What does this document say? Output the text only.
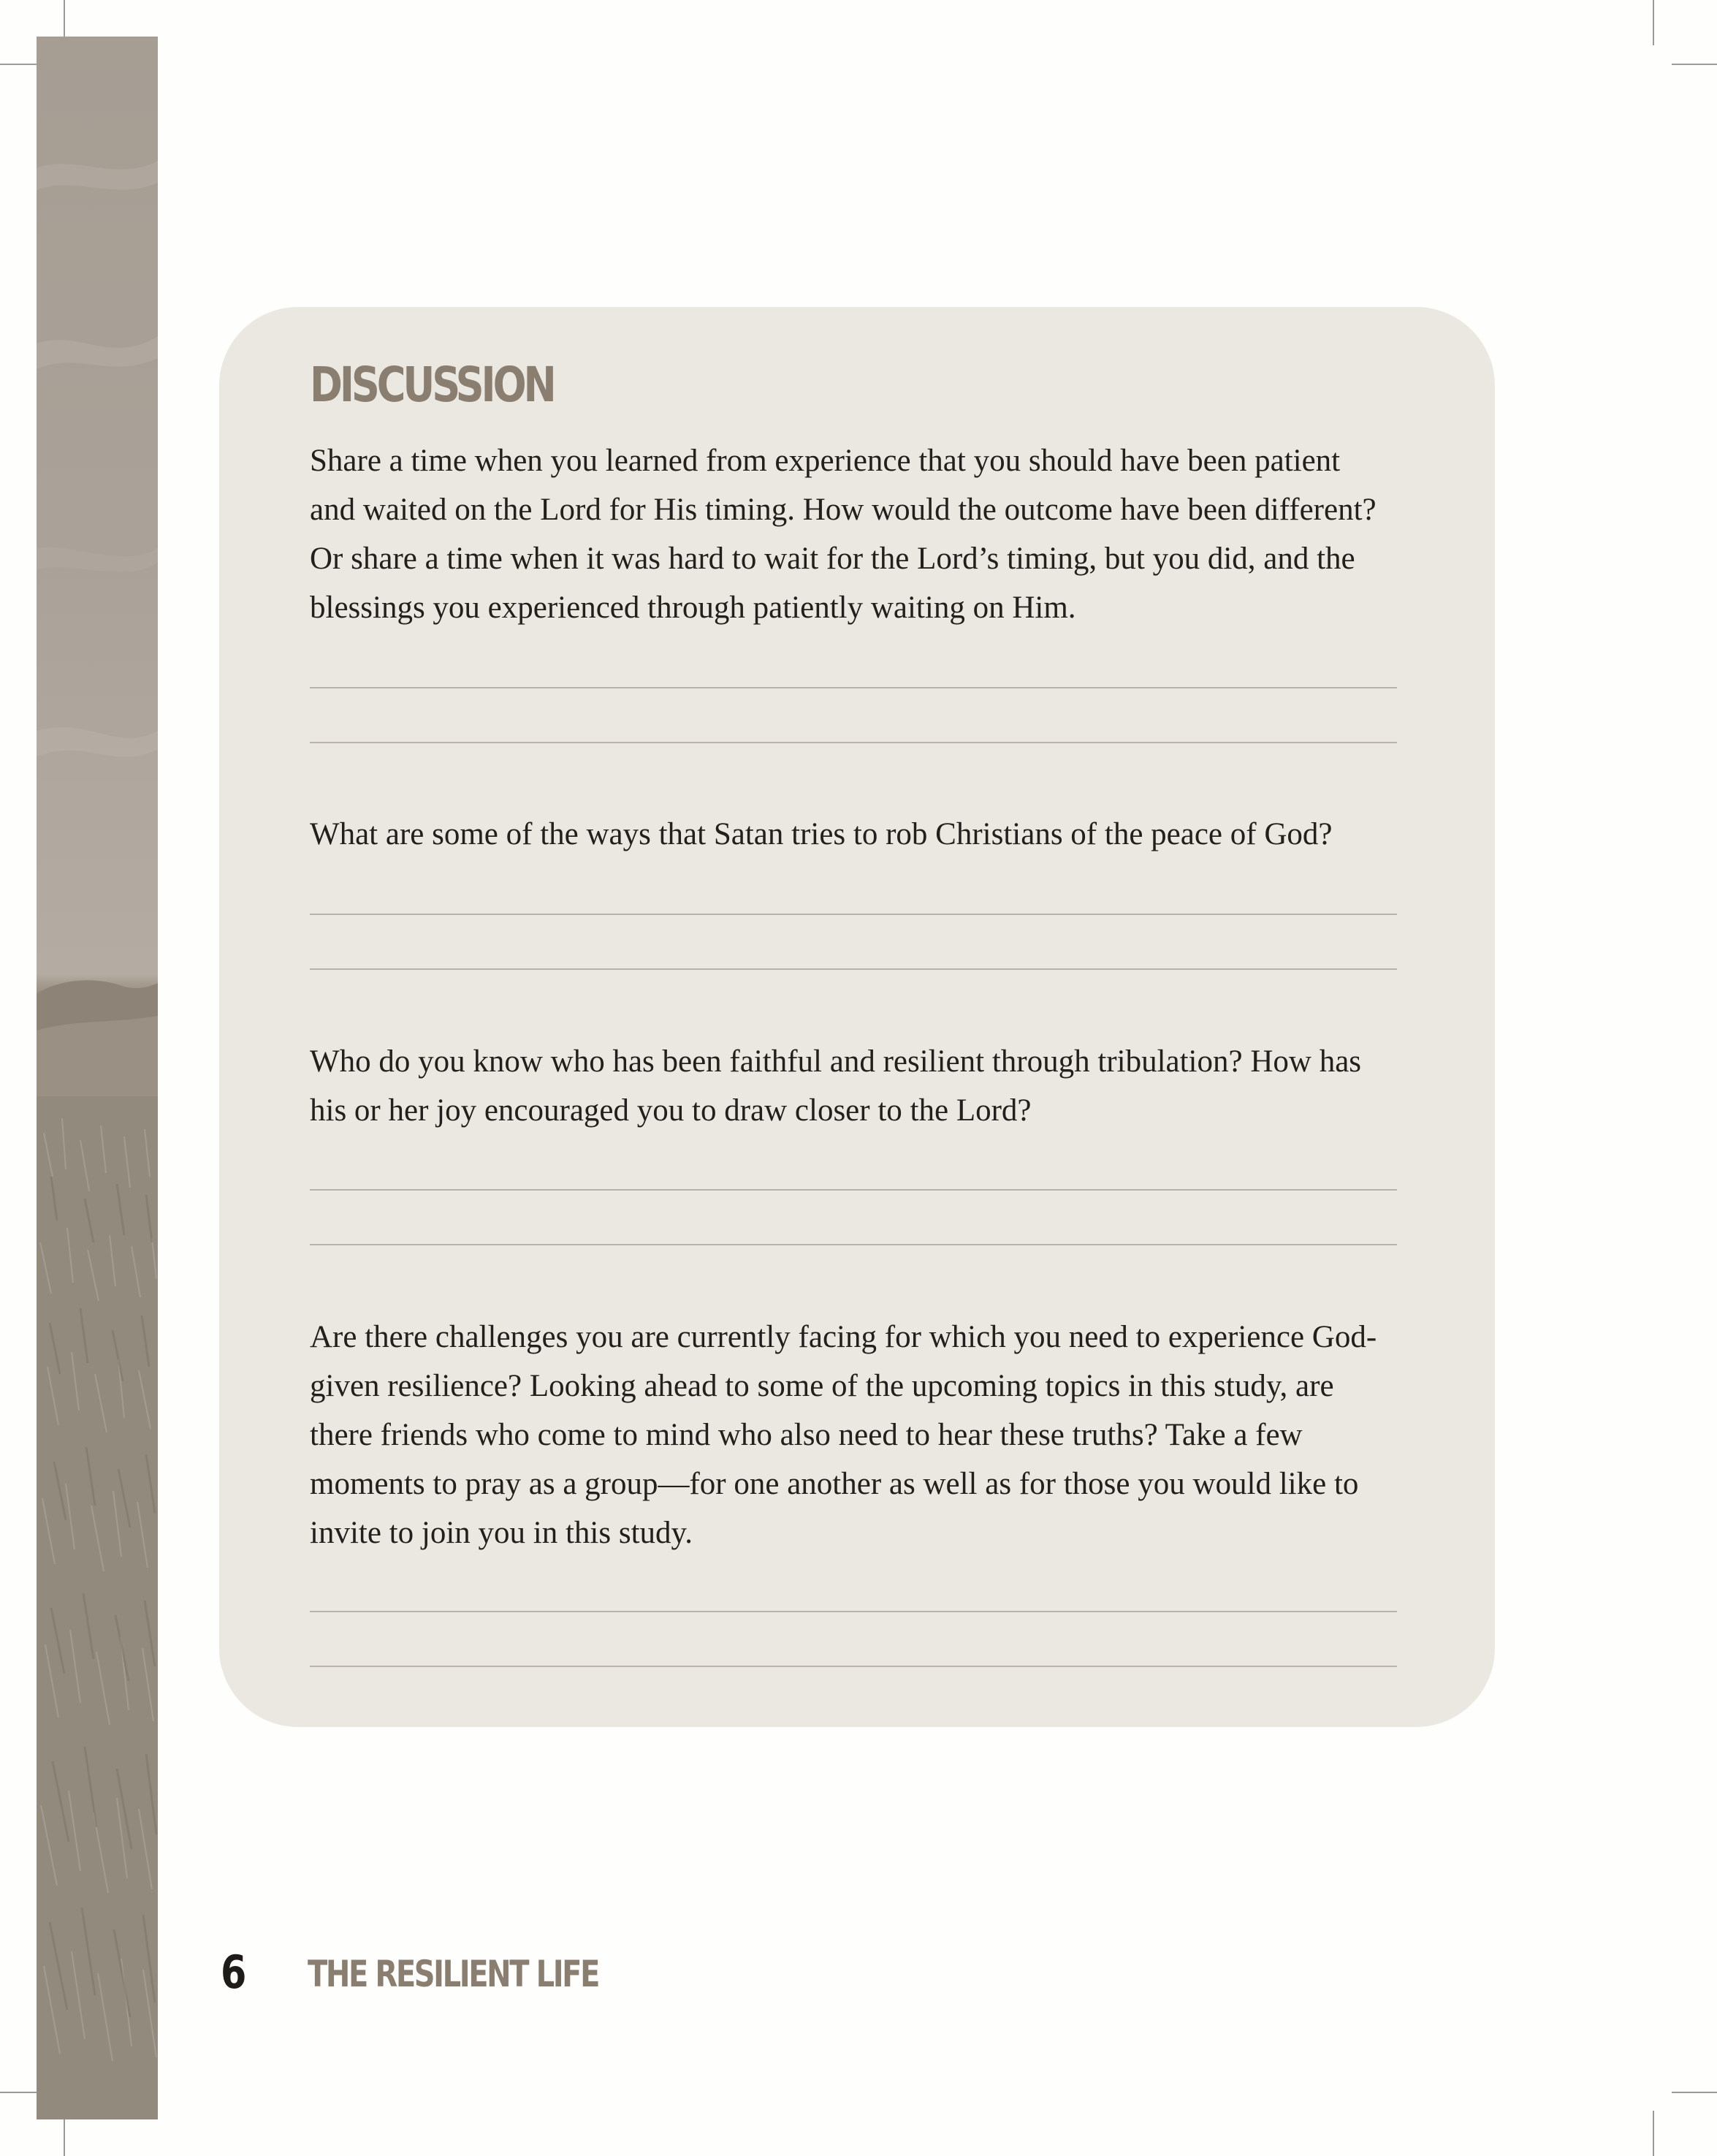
DISCUSSION

Share a time when you learned from experience that you should have been patient and waited on the Lord for His timing. How would the outcome have been different? Or share a time when it was hard to wait for the Lord’s timing, but you did, and the blessings you experienced through patiently waiting on Him.

What are some of the ways that Satan tries to rob Christians of the peace of God?

Who do you know who has been faithful and resilient through tribulation? How has his or her joy encouraged you to draw closer to the Lord?

Are there challenges you are currently facing for which you need to experience God-given resilience? Looking ahead to some of the upcoming topics in this study, are there friends who come to mind who also need to hear these truths? Take a few moments to pray as a group—for one another as well as for those you would like to invite to join you in this study.

6 THE RESILIENT LIFE
